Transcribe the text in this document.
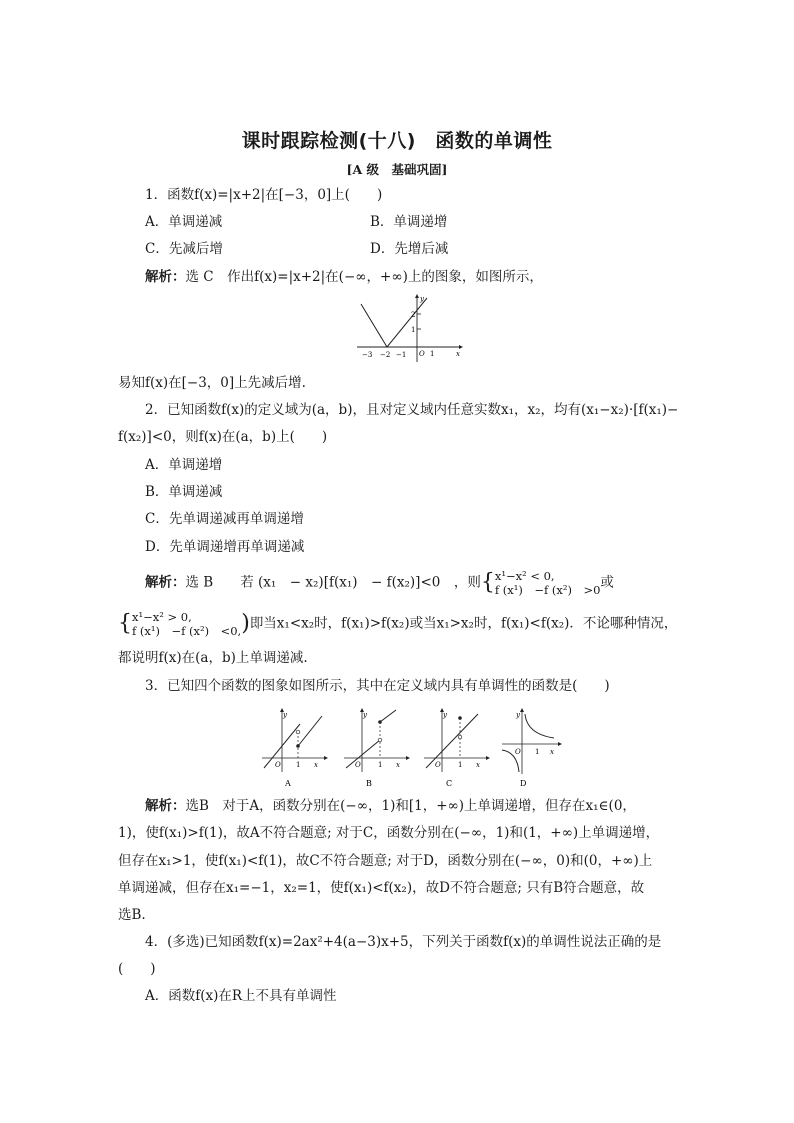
课时跟踪检测(十八)　函数的单调性
[A 级　基础巩固]
1．函数f(x)=|x+2|在[−3，0]上(　　)
A．单调递减	B．单调递增
C．先减后增	D．先增后减
解析：选 C　作出f(x)=|x+2|在(−∞，+∞)上的图象，如图所示，
−3 −2 −1 O 1
2
1
x
y
易知f(x)在[−3，0]上先减后增.
2．已知函数f(x)的定义域为(a，b)，且对定义域内任意实数x₁，x₂，均有(x₁−x₂)·[f(x₁)−
f(x₂)]<0，则f(x)在(a，b)上(　　)
A．单调递增
B．单调递减
C．先单调递减再单调递增
D．先单调递增再单调递减
解析：选 B　　若 (x₁　− x₂)[f(x₁)　− f(x₂)]<0　，则{x¹−x² < 0,
f (x¹)　−f (x²)　>0或
{x¹−x² > 0,
f (x¹)　−f (x²)　<0,)即当x₁<x₂时，f(x₁)>f(x₂)或当x₁>x₂时，f(x₁)<f(x₂)．不论哪种情况，
都说明f(x)在(a，b)上单调递减.
3．已知四个函数的图象如图所示，其中在定义域内具有单调性的函数是(　　)
y
O 1 x
A
y
O 1 x
B
y
O 1 x
C
y
O 1 x
D
解析：选B　对于A，函数分别在(−∞，1)和[1，+∞)上单调递增，但存在x₁∈(0，
1)，使f(x₁)>f(1)，故A不符合题意; 对于C，函数分别在(−∞，1)和(1，+∞)上单调递增，
但存在x₁>1，使f(x₁)<f(1)，故C不符合题意; 对于D，函数分别在(−∞，0)和(0，+∞)上
单调递减，但存在x₁=−1，x₂=1，使f(x₁)<f(x₂)，故D不符合题意; 只有B符合题意，故
选B.
4．(多选)已知函数f(x)=2ax²+4(a−3)x+5，下列关于函数f(x)的单调性说法正确的是
(　　)
A．函数f(x)在R上不具有单调性
